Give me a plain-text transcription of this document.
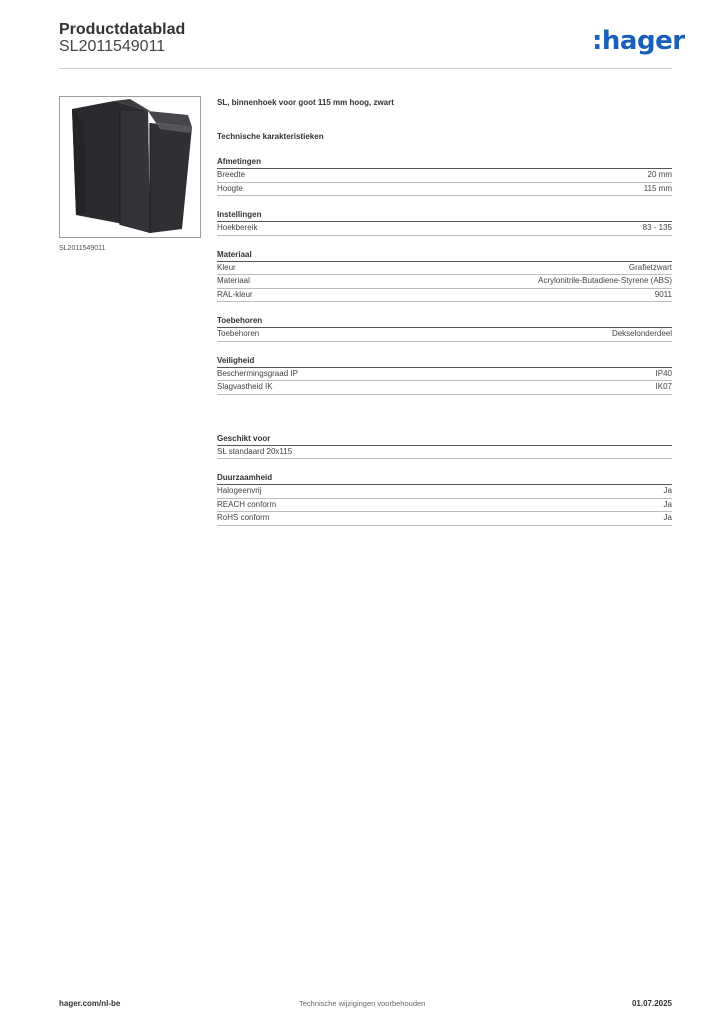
Productdatablad
SL2011549011	:hager
SL2011549011
SL, binnenhoek voor goot 115 mm hoog, zwart
Technische karakteristieken
Afmetingen
Breedte	20 mm
Hoogte	115 mm
Instellingen
Hoekbereik	83 - 135
Materiaal
Kleur	Grafietzwart
Materiaal	Acrylonitrile-Butadiene-Styrene (ABS)
RAL-kleur	9011
Toebehoren
Toebehoren	Dekselonderdeel
Veiligheid
Beschermingsgraad IP	IP40
Slagvastheid IK	IK07
Geschikt voor
SL standaard 20x115
Duurzaamheid
Halogeenvrij	Ja
REACH conform	Ja
RoHS conform	Ja
hager.com/nl-be	Technische wijzigingen voorbehouden	01.07.2025
